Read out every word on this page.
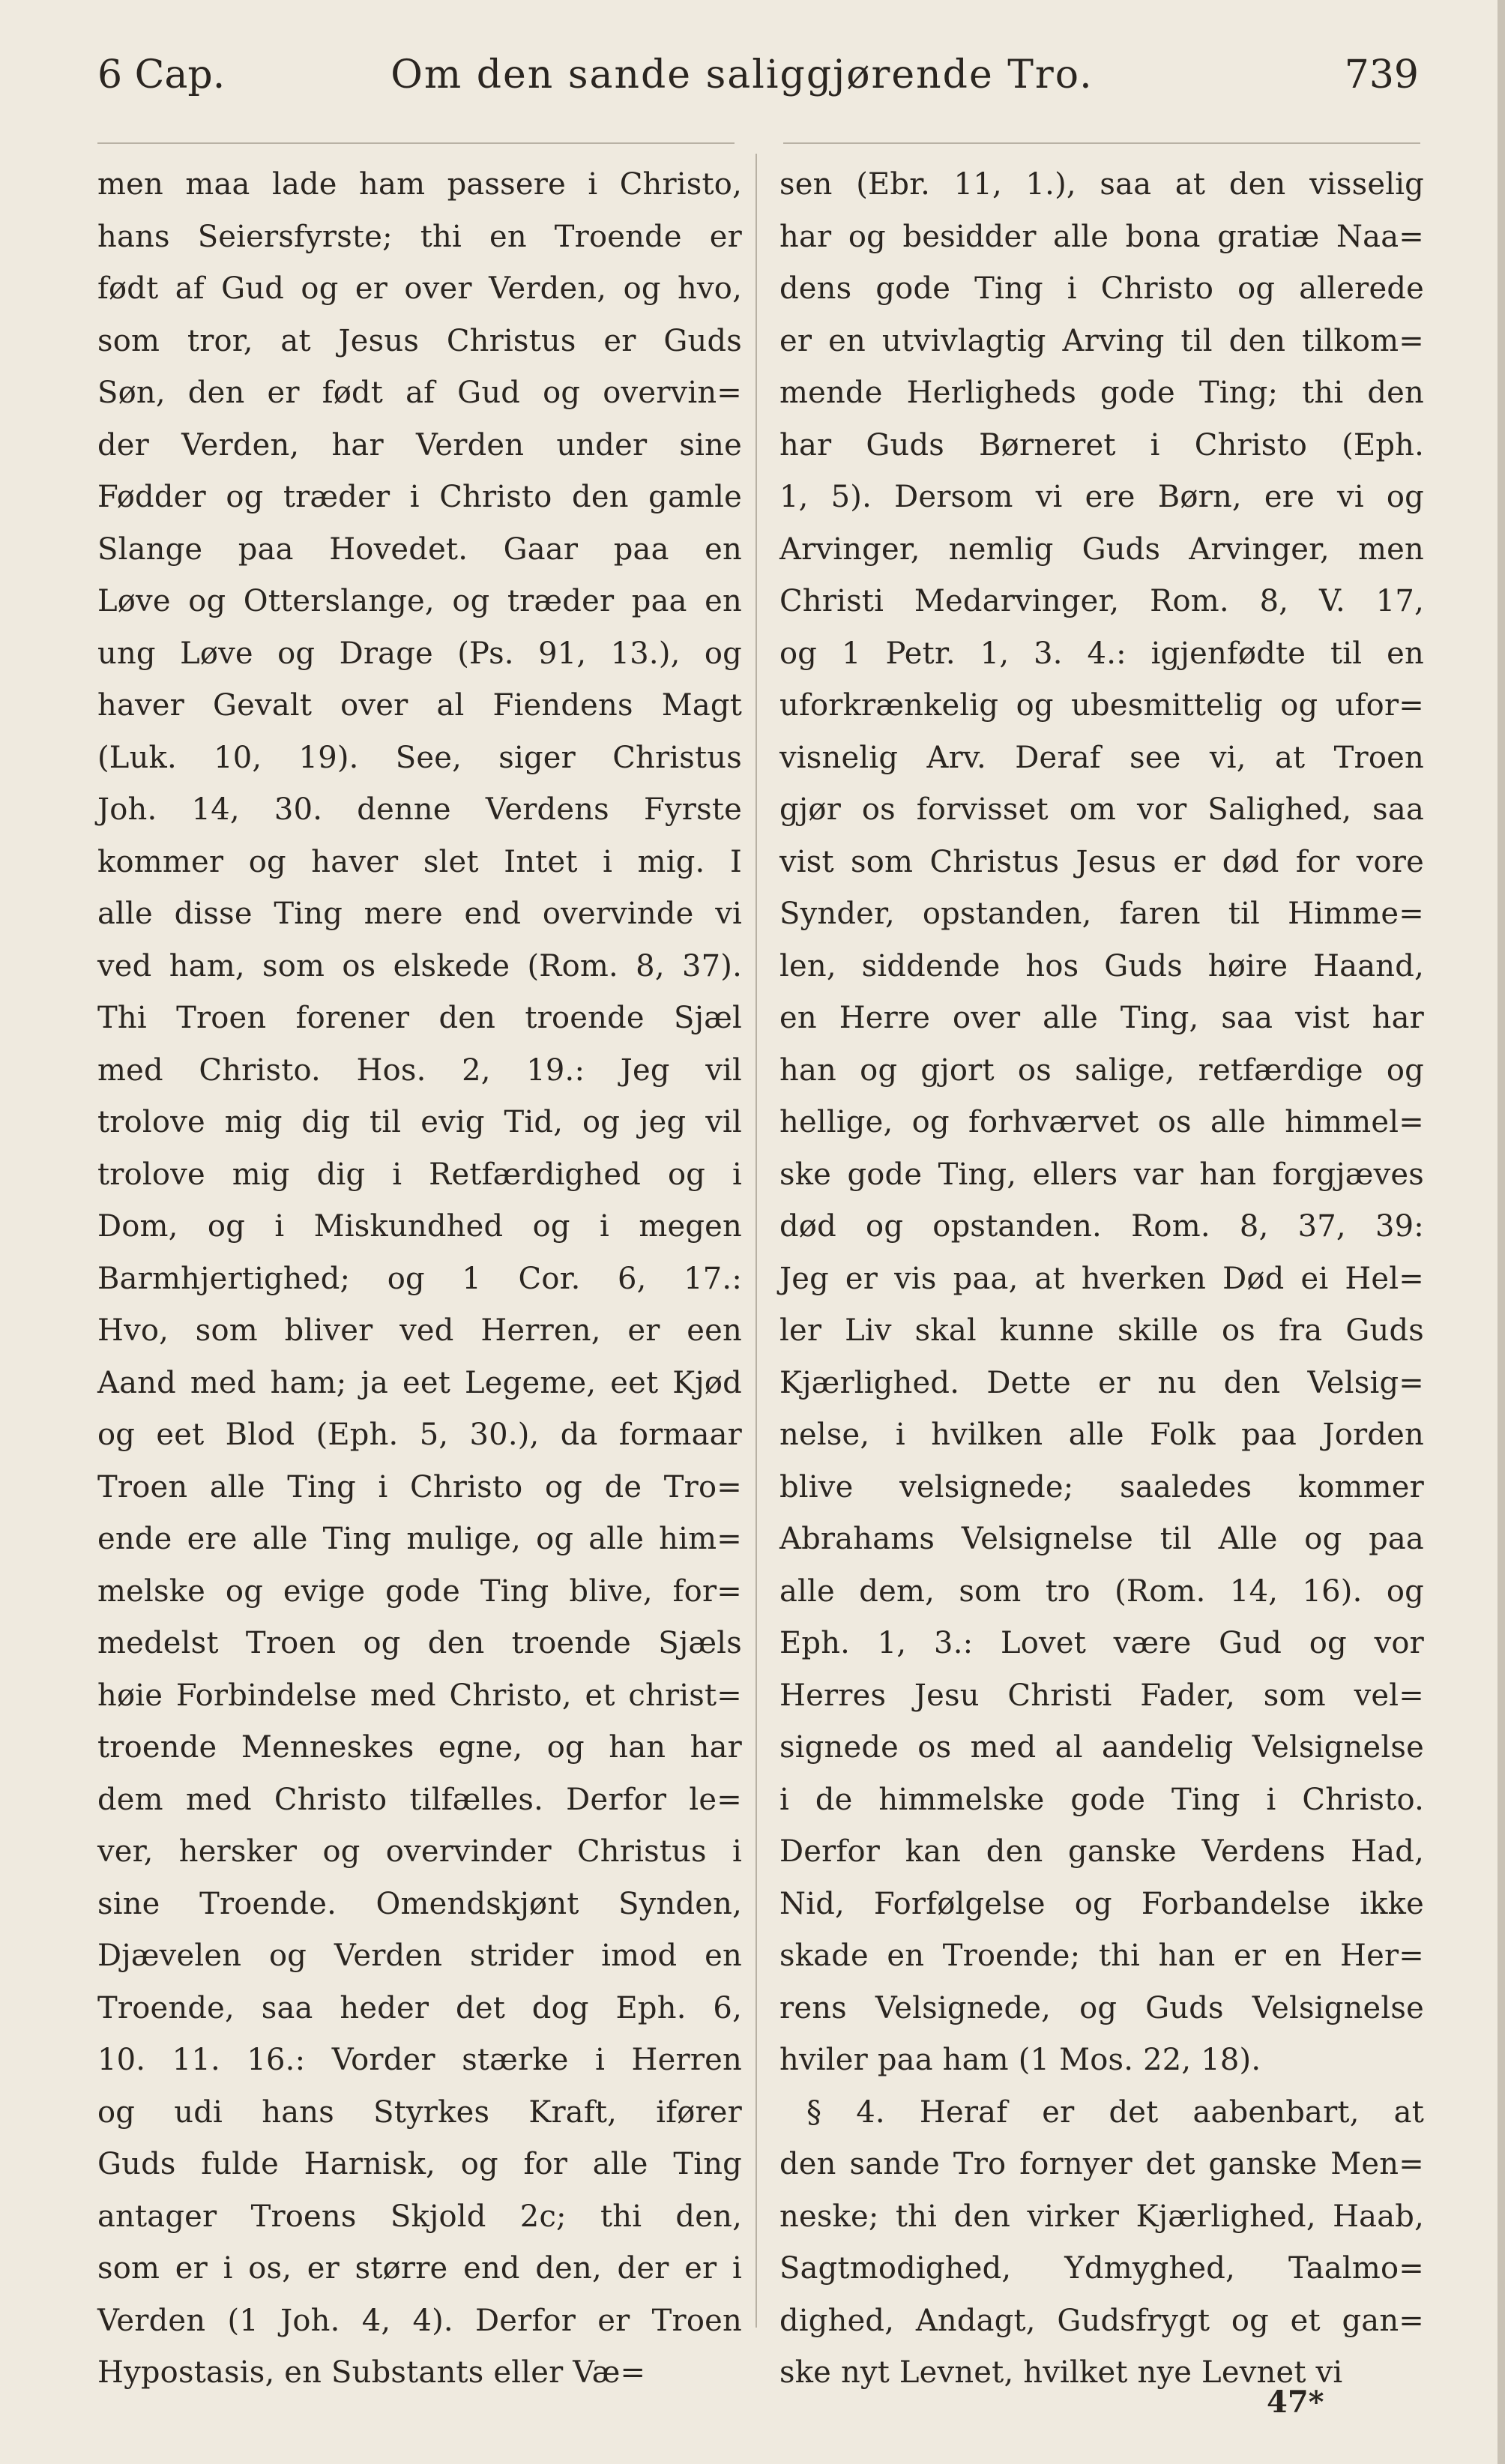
6 Cap.	Om den sande saliggjørende Tro.	739
men maa lade ham passere i Christo,
hans Seiersfyrste; thi en Troende er
født af Gud og er over Verden, og hvo,
som tror, at Jesus Christus er Guds
Søn, den er født af Gud og overvin=
der Verden, har Verden under sine
Fødder og træder i Christo den gamle
Slange paa Hovedet. Gaar paa en
Løve og Otterslange, og træder paa en
ung Løve og Drage (Ps. 91, 13.), og
haver Gevalt over al Fiendens Magt
(Luk. 10, 19). See, siger Christus
Joh. 14, 30. denne Verdens Fyrste
kommer og haver slet Intet i mig. I
alle disse Ting mere end overvinde vi
ved ham, som os elskede (Rom. 8, 37).
Thi Troen forener den troende Sjæl
med Christo. Hos. 2, 19.: Jeg vil
trolove mig dig til evig Tid, og jeg vil
trolove mig dig i Retfærdighed og i
Dom, og i Miskundhed og i megen
Barmhjertighed; og 1 Cor. 6, 17.:
Hvo, som bliver ved Herren, er een
Aand med ham; ja eet Legeme, eet Kjød
og eet Blod (Eph. 5, 30.), da formaar
Troen alle Ting i Christo og de Tro=
ende ere alle Ting mulige, og alle him=
melske og evige gode Ting blive, for=
medelst Troen og den troende Sjæls
høie Forbindelse med Christo, et christ=
troende Menneskes egne, og han har
dem med Christo tilfælles. Derfor le=
ver, hersker og overvinder Christus i
sine Troende. Omendskjønt Synden,
Djævelen og Verden strider imod en
Troende, saa heder det dog Eph. 6,
10. 11. 16.: Vorder stærke i Herren
og udi hans Styrkes Kraft, ifører
Guds fulde Harnisk, og for alle Ting
antager Troens Skjold 2c; thi den,
som er i os, er større end den, der er i
Verden (1 Joh. 4, 4). Derfor er Troen
Hypostasis, en Substants eller Væ=
sen (Ebr. 11, 1.), saa at den visselig
har og besidder alle bona gratiæ Naa=
dens gode Ting i Christo og allerede
er en utvivlagtig Arving til den tilkom=
mende Herligheds gode Ting; thi den
har Guds Børneret i Christo (Eph.
1, 5). Dersom vi ere Børn, ere vi og
Arvinger, nemlig Guds Arvinger, men
Christi Medarvinger, Rom. 8, V. 17,
og 1 Petr. 1, 3. 4.: igjenfødte til en
uforkrænkelig og ubesmittelig og ufor=
visnelig Arv. Deraf see vi, at Troen
gjør os forvisset om vor Salighed, saa
vist som Christus Jesus er død for vore
Synder, opstanden, faren til Himme=
len, siddende hos Guds høire Haand,
en Herre over alle Ting, saa vist har
han og gjort os salige, retfærdige og
hellige, og forhværvet os alle himmel=
ske gode Ting, ellers var han forgjæves
død og opstanden. Rom. 8, 37, 39:
Jeg er vis paa, at hverken Død ei Hel=
ler Liv skal kunne skille os fra Guds
Kjærlighed. Dette er nu den Velsig=
nelse, i hvilken alle Folk paa Jorden
blive velsignede; saaledes kommer
Abrahams Velsignelse til Alle og paa
alle dem, som tro (Rom. 14, 16). og
Eph. 1, 3.: Lovet være Gud og vor
Herres Jesu Christi Fader, som vel=
signede os med al aandelig Velsignelse
i de himmelske gode Ting i Christo.
Derfor kan den ganske Verdens Had,
Nid, Forfølgelse og Forbandelse ikke
skade en Troende; thi han er en Her=
rens Velsignede, og Guds Velsignelse
hviler paa ham (1 Mos. 22, 18).
§ 4. Heraf er det aabenbart, at
den sande Tro fornyer det ganske Men=
neske; thi den virker Kjærlighed, Haab,
Sagtmodighed, Ydmyghed, Taalmo=
dighed, Andagt, Gudsfrygt og et gan=
ske nyt Levnet, hvilket nye Levnet vi
47*
